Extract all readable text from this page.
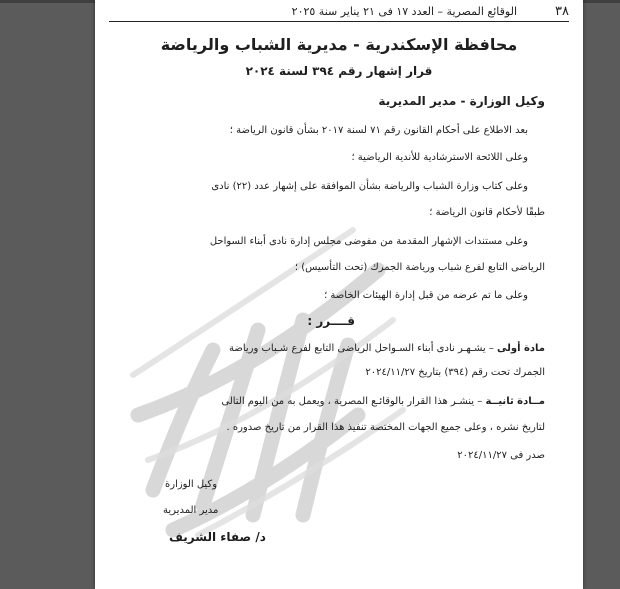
٣٨
الوقائع المصرية – العدد ١٧ فى ٢١ يناير سنة ٢٠٢٥
محافظة الإسكندرية - مديرية الشباب والرياضة
قرار إشهار رقم ٣٩٤ لسنة ٢٠٢٤
وكيل الوزارة - مدير المديرية
بعد الاطلاع على أحكام القانون رقم ٧١ لسنة ٢٠١٧ بشأن قانون الرياضة ؛
وعلى اللائحة الاسترشادية للأندية الرياضية ؛
وعلى كتاب وزارة الشباب والرياضة بشأن الموافقة على إشهار عدد (٢٢) نادى
طبقًا لأحكام قانون الرياضة ؛
وعلى مستندات الإشهار المقدمة من مفوضى مجلس إدارة نادى أبناء السواحل
الرياضى التابع لفرع شباب ورياضة الجمرك (تحت التأسيس) ؛
وعلى ما تم عرضه من قبل إدارة الهيئات الخاصة ؛
قــــرر :
مادة أولى – يشـهـر نادى أبناء السـواحل الرياضى التابع لفرع شـباب ورياضة
الجمرك تحت رقم (٣٩٤) بتاريخ ٢٠٢٤/١١/٢٧
مــادة ثانيــة – ينشـر هذا القرار بالوقائـع المصرية ، ويعمل به من اليوم التالى
لتاريخ نشره ، وعلى جميع الجهات المختصة تنفيذ هذا القرار من تاريخ صدوره .
صدر فى ٢٠٢٤/١١/٢٧
وكيل الوزارة
مدير المديرية
د/ صفاء الشريف
